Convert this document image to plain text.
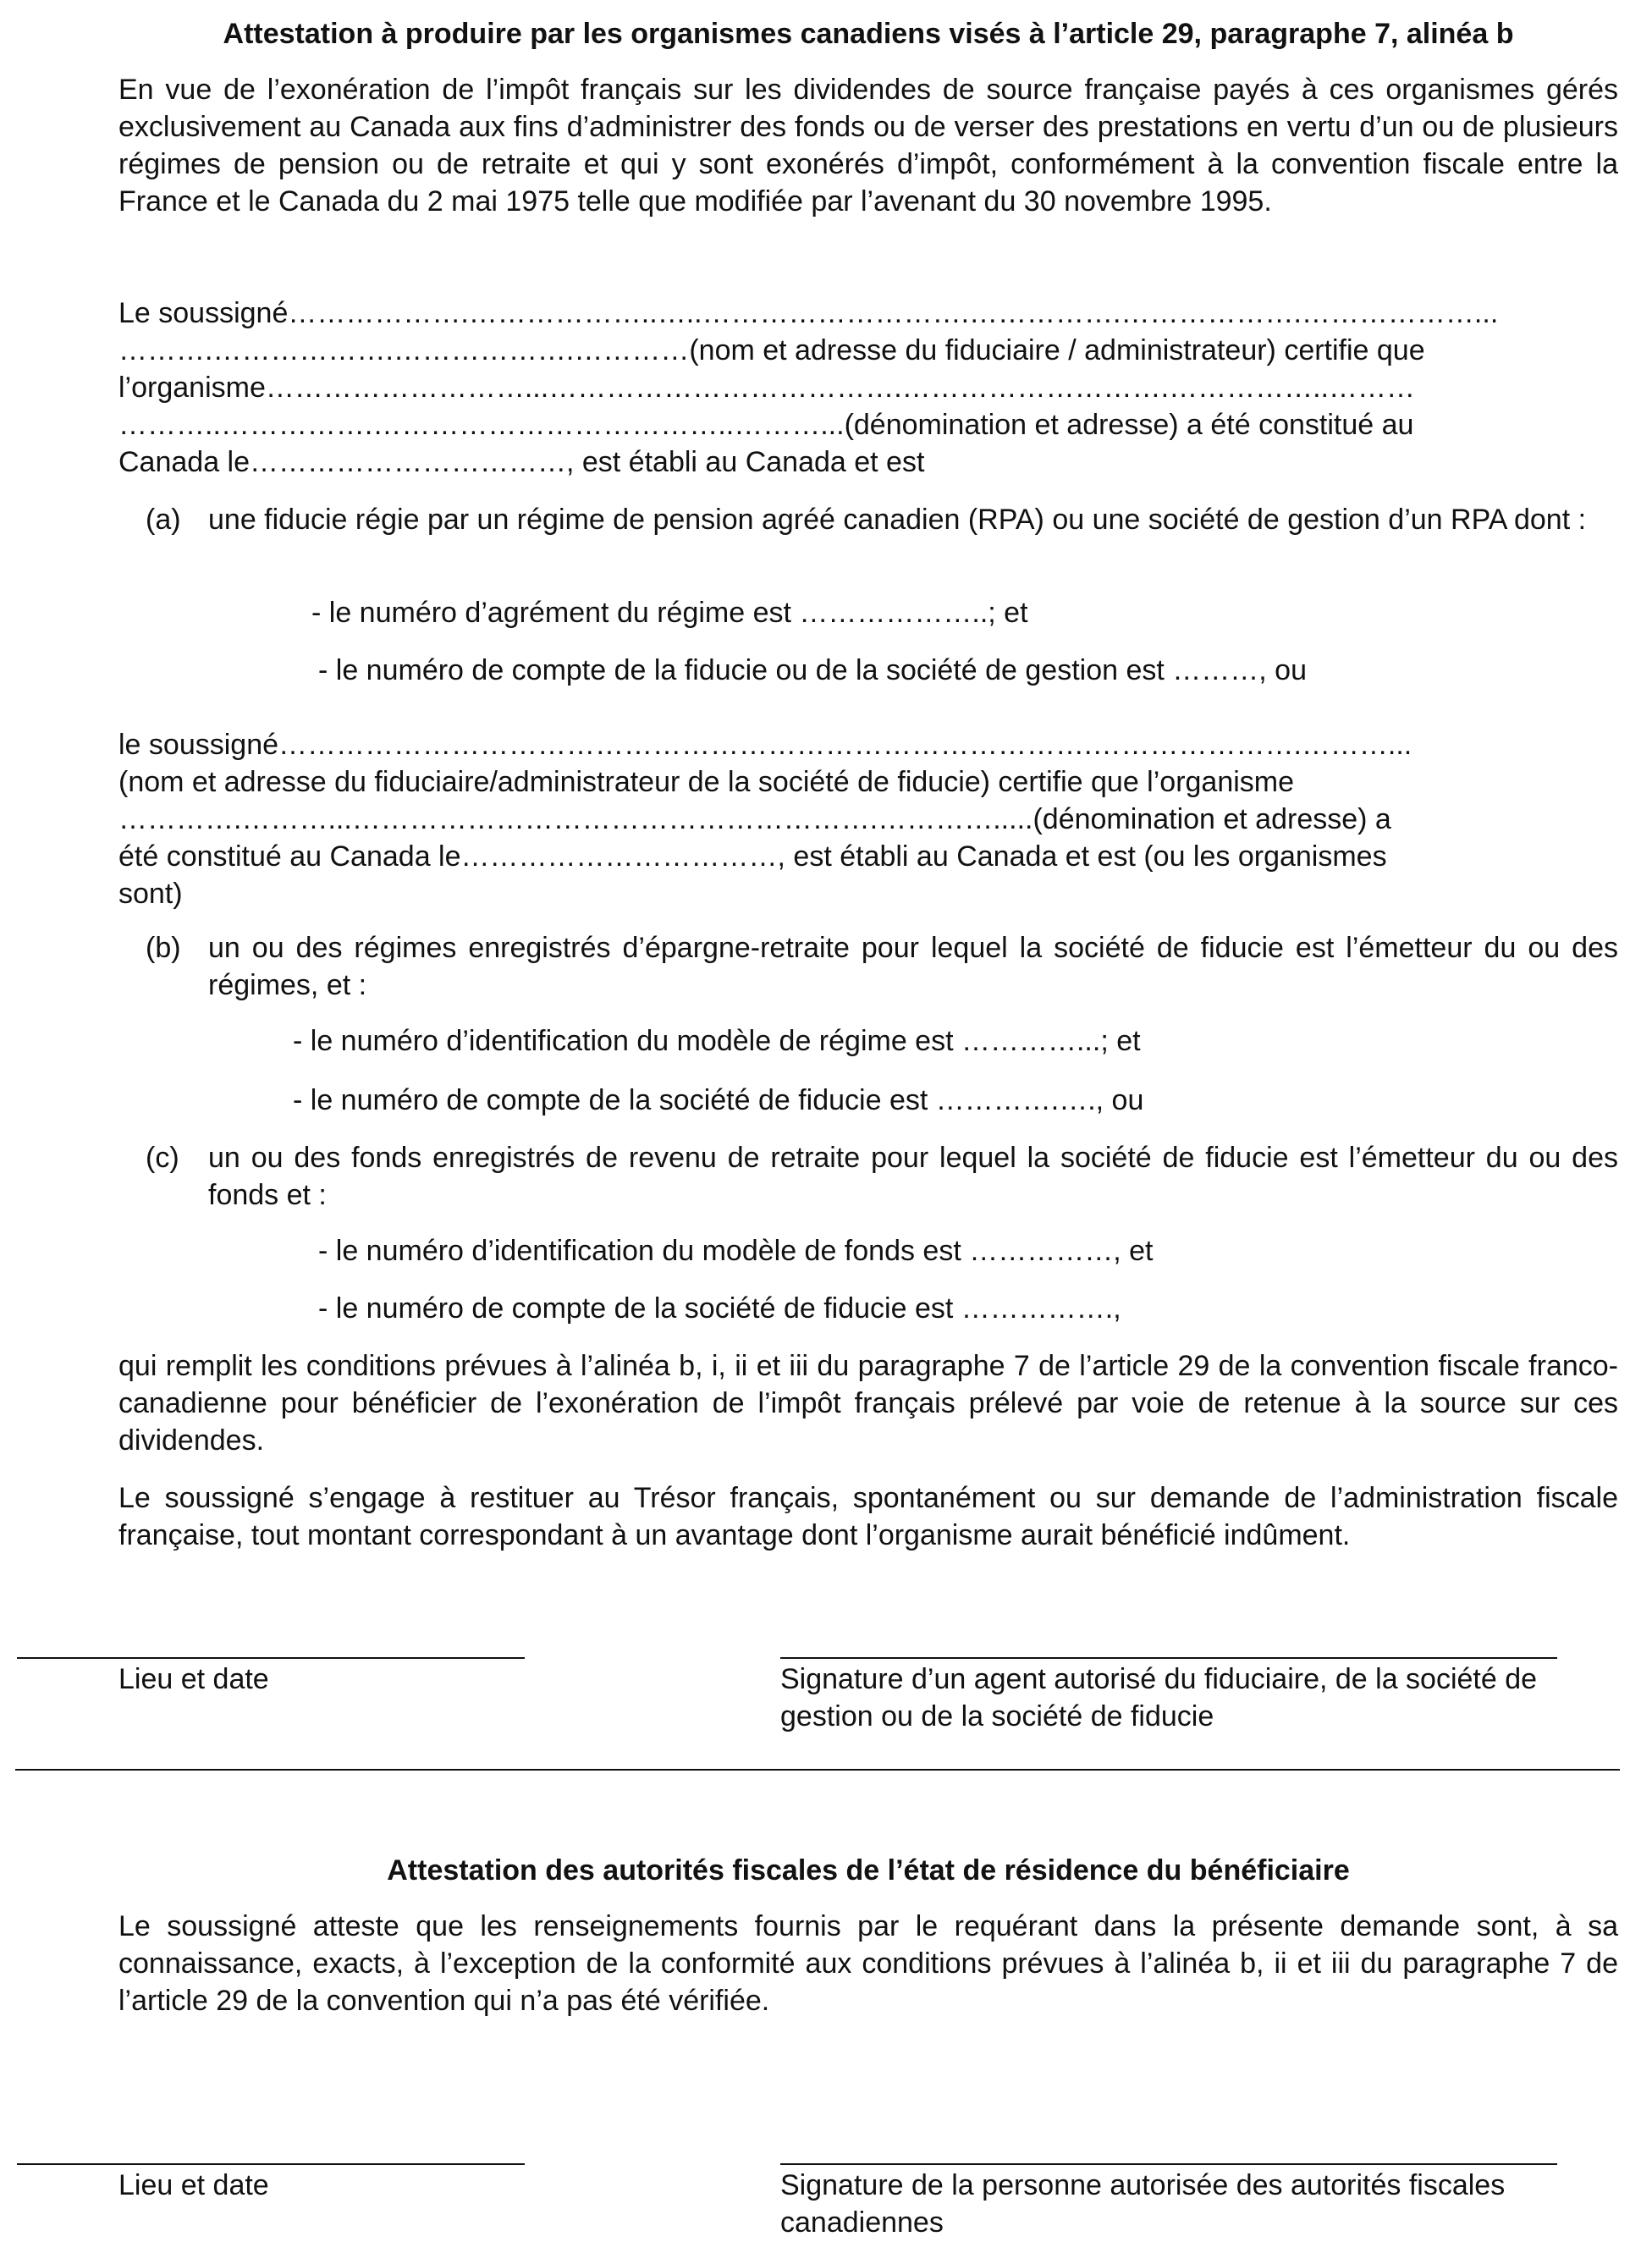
Attestation à produire par les organismes canadiens visés à l’article 29, paragraphe 7, alinéa b
En vue de l’exonération de l’impôt français sur les dividendes de source française payés à ces organismes gérés exclusivement au Canada aux fins d’administrer des fonds ou de verser des prestations en vertu d’un ou de plusieurs régimes de pension ou de retraite et qui y sont exonérés d’impôt, conformément à la convention fiscale entre la France et le Canada du 2 mai 1975 telle que modifiée par l’avenant du 30 novembre 1995.
Le soussigné……………….………………..…..……………………….…………….……………….………………...
……….……………….……………….…………(nom et adresse du fiduciaire / administrateur) certifie que
l’organisme………………………...……………………………….……………………….……………..………
………..…………….………………………………..………...(dénomination et adresse) a été constitué au
Canada le……………………………, est établi au Canada et est
(a) une fiducie régie par un régime de pension agréé canadien (RPA) ou une société de gestion d’un RPA dont :
- le numéro d’agrément du régime est ………………..; et
- le numéro de compte de la fiducie ou de la société de gestion est ………, ou
le soussigné………………………………………………………………………….………………….………...
(nom et adresse du fiduciaire/administrateur de la société de fiducie) certifie que l’organisme
………….………...……………………………………………….………….....(dénomination et adresse) a
été constitué au Canada le……………………………, est établi au Canada et est (ou les organismes
sont)
(b) un ou des régimes enregistrés d’épargne-retraite pour lequel la société de fiducie est l’émetteur du ou des régimes, et :
- le numéro d’identification du modèle de régime est …………...; et
- le numéro de compte de la société de fiducie est ………….…., ou
(c) un ou des fonds enregistrés de revenu de retraite pour lequel la société de fiducie est l’émetteur du ou des fonds et :
- le numéro d’identification du modèle de fonds est ……………, et
- le numéro de compte de la société de fiducie est …………….,
qui remplit les conditions prévues à l’alinéa b, i, ii et iii du paragraphe 7 de l’article 29 de la convention fiscale franco-canadienne pour bénéficier de l’exonération de l’impôt français prélevé par voie de retenue à la source sur ces dividendes.
Le soussigné s’engage à restituer au Trésor français, spontanément ou sur demande de l’administration fiscale française, tout montant correspondant à un avantage dont l’organisme aurait bénéficié indûment.
Lieu et date	Signature d’un agent autorisé du fiduciaire, de la société de gestion ou de la société de fiducie
Attestation des autorités fiscales de l’état de résidence du bénéficiaire
Le soussigné atteste que les renseignements fournis par le requérant dans la présente demande sont, à sa connaissance, exacts, à l’exception de la conformité aux conditions prévues à l’alinéa b, ii et iii du paragraphe 7 de l’article 29 de la convention qui n’a pas été vérifiée.
Lieu et date	Signature de la personne autorisée des autorités fiscales canadiennes
